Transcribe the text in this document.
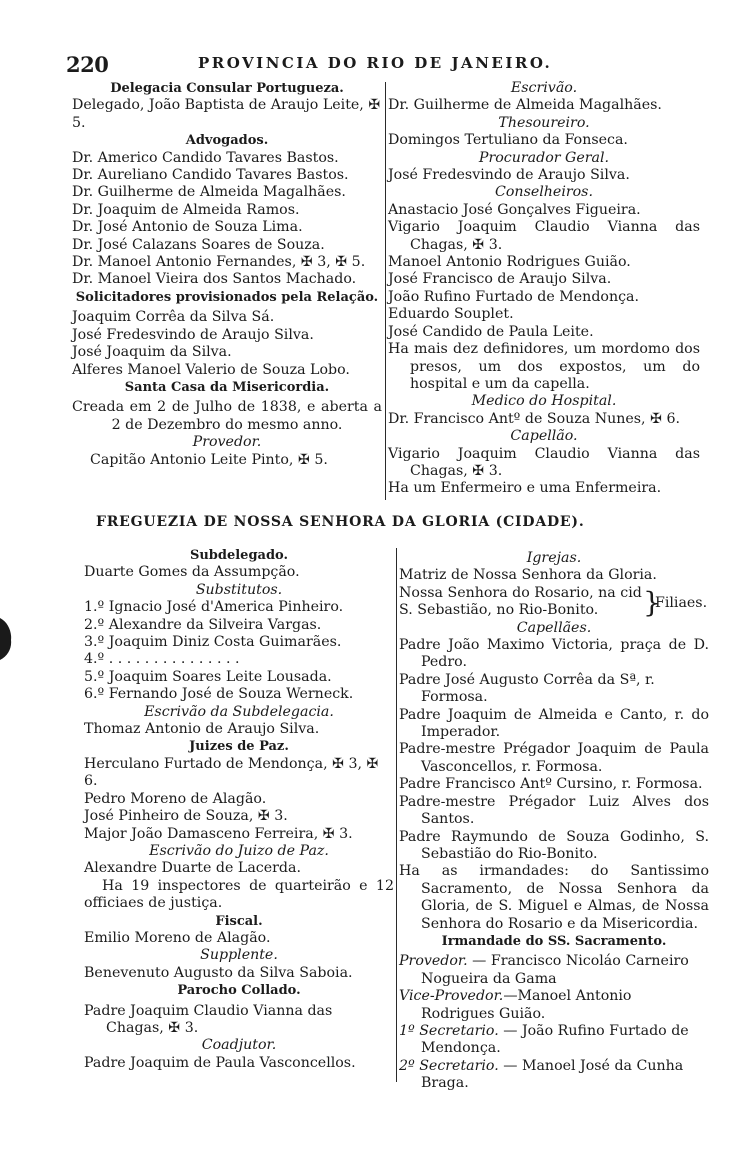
220	PROVINCIA DO RIO DE JANEIRO.

Delegacia Consular Portugueza.

Delegado, João Baptista de Araujo Leite, ✠ 5.

Advogados.

Dr. Americo Candido Tavares Bastos.

Dr. Aureliano Candido Tavares Bastos.

Dr. Guilherme de Almeida Magalhães.

Dr. Joaquim de Almeida Ramos.

Dr. José Antonio de Souza Lima.

Dr. José Calazans Soares de Souza.

Dr. Manoel Antonio Fernandes, ✠ 3, ✠ 5.

Dr. Manoel Vieira dos Santos Machado.

Solicitadores provisionados pela Relação.

Joaquim Corrêa da Silva Sá.

José Fredesvindo de Araujo Silva.

José Joaquim da Silva.

Alferes Manoel Valerio de Souza Lobo.

Santa Casa da Misericordia.

Creada em 2 de Julho de 1838, e aberta a 2 de Dezembro do mesmo anno.

Provedor.

Capitão Antonio Leite Pinto, ✠ 5.

Escrivão.

Dr. Guilherme de Almeida Magalhães.

Thesoureiro.

Domingos Tertuliano da Fonseca.

Procurador Geral.

José Fredesvindo de Araujo Silva.

Conselheiros.

Anastacio José Gonçalves Figueira.

Vigario Joaquim Claudio Vianna das Chagas, ✠ 3.

Manoel Antonio Rodrigues Guião.

José Francisco de Araujo Silva.

João Rufino Furtado de Mendonça.

Eduardo Souplet.

José Candido de Paula Leite.

Ha mais dez definidores, um mordomo dos presos, um dos expostos, um do hospital e um da capella.

Medico do Hospital.

Dr. Francisco Antº de Souza Nunes, ✠ 6.

Capellão.

Vigario Joaquim Claudio Vianna das Chagas, ✠ 3.

Ha um Enfermeiro e uma Enfermeira.

FREGUEZIA DE NOSSA SENHORA DA GLORIA (CIDADE).

Subdelegado.

Duarte Gomes da Assumpção.

Substitutos.

1.º Ignacio José d'America Pinheiro.

2.º Alexandre da Silveira Vargas.

3.º Joaquim Diniz Costa Guimarães.

4.º . . . . . . . . . . . . . . .

5.º Joaquim Soares Leite Lousada.

6.º Fernando José de Souza Werneck.

Escrivão da Subdelegacia.

Thomaz Antonio de Araujo Silva.

Juizes de Paz.

Herculano Furtado de Mendonça, ✠ 3, ✠ 6.

Pedro Moreno de Alagão.

José Pinheiro de Souza, ✠ 3.

Major João Damasceno Ferreira, ✠ 3.

Escrivão do Juizo de Paz.

Alexandre Duarte de Lacerda.

Ha 19 inspectores de quarteirão e 12 officiaes de justiça.

Fiscal.

Emilio Moreno de Alagão.

Supplente.

Benevenuto Augusto da Silva Saboia.

Parocho Collado.

Padre Joaquim Claudio Vianna das Chagas, ✠ 3.

Coadjutor.

Padre Joaquim de Paula Vasconcellos.

Igrejas.

Matriz de Nossa Senhora da Gloria.

Nossa Senhora do Rosario, na cid

S. Sebastião, no Rio-Bonito.	}
Filiaes.

Capellães.

Padre João Maximo Victoria, praça de D. Pedro.

Padre José Augusto Corrêa da Sª, r. Formosa.

Padre Joaquim de Almeida e Canto, r. do Imperador.

Padre-mestre Prégador Joaquim de Paula Vasconcellos, r. Formosa.

Padre Francisco Antº Cursino, r. Formosa.

Padre-mestre Prégador Luiz Alves dos Santos.

Padre Raymundo de Souza Godinho, S. Sebastião do Rio-Bonito.

Ha as irmandades: do Santissimo Sacramento, de Nossa Senhora da Gloria, de S. Miguel e Almas, de Nossa Senhora do Rosario e da Misericordia.

Irmandade do SS. Sacramento.

Provedor. — Francisco Nicoláo Carneiro Nogueira da Gama

Vice-Provedor.—Manoel Antonio Rodrigues Guião.

1º Secretario. — João Rufino Furtado de Mendonça.

2º Secretario. — Manoel José da Cunha Braga.
